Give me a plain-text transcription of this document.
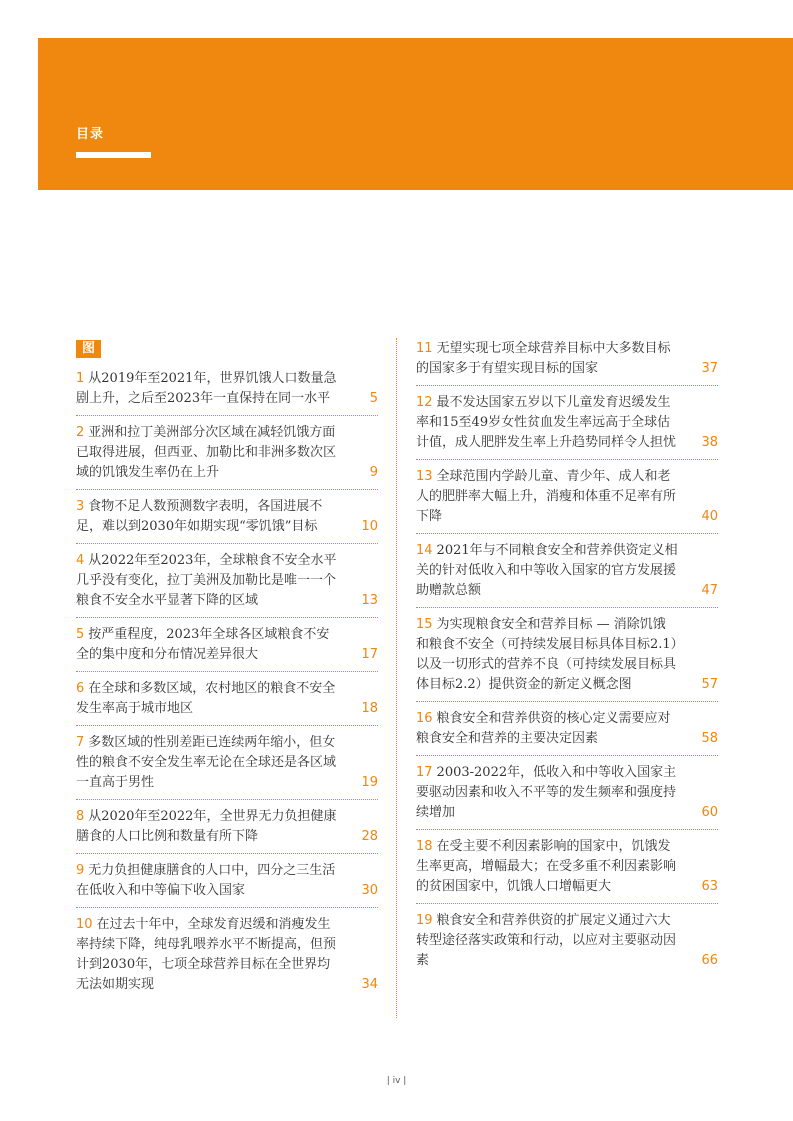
目录
图
1 从2019年至2021年，世界饥饿人口数量急剧上升，之后至2023年一直保持在同一水平	5
2 亚洲和拉丁美洲部分次区域在减轻饥饿方面已取得进展，但西亚、加勒比和非洲多数次区域的饥饿发生率仍在上升	9
3 食物不足人数预测数字表明，各国进展不足，难以到2030年如期实现“零饥饿”目标	10
4 从2022年至2023年，全球粮食不安全水平几乎没有变化，拉丁美洲及加勒比是唯一一个粮食不安全水平显著下降的区域	13
5 按严重程度，2023年全球各区域粮食不安全的集中度和分布情况差异很大	17
6 在全球和多数区域，农村地区的粮食不安全发生率高于城市地区	18
7 多数区域的性别差距已连续两年缩小，但女性的粮食不安全发生率无论在全球还是各区域一直高于男性	19
8 从2020年至2022年，全世界无力负担健康膳食的人口比例和数量有所下降	28
9 无力负担健康膳食的人口中，四分之三生活在低收入和中等偏下收入国家	30
10 在过去十年中，全球发育迟缓和消瘦发生率持续下降，纯母乳喂养水平不断提高，但预计到2030年，七项全球营养目标在全世界均无法如期实现	34
11 无望实现七项全球营养目标中大多数目标的国家多于有望实现目标的国家	37
12 最不发达国家五岁以下儿童发育迟缓发生率和15至49岁女性贫血发生率远高于全球估计值，成人肥胖发生率上升趋势同样令人担忧 38
13 全球范围内学龄儿童、青少年、成人和老人的肥胖率大幅上升，消瘦和体重不足率有所下降	40
14 2021年与不同粮食安全和营养供资定义相关的针对低收入和中等收入国家的官方发展援助赠款总额	47
15 为实现粮食安全和营养目标 — 消除饥饿和粮食不安全（可持续发展目标具体目标2.1）以及一切形式的营养不良（可持续发展目标具体目标2.2）提供资金的新定义概念图	57
16 粮食安全和营养供资的核心定义需要应对粮食安全和营养的主要决定因素	58
17 2003-2022年，低收入和中等收入国家主要驱动因素和收入不平等的发生频率和强度持续增加	60
18 在受主要不利因素影响的国家中，饥饿发生率更高，增幅最大；在受多重不利因素影响的贫困国家中，饥饿人口增幅更大	63
19 粮食安全和营养供资的扩展定义通过六大转型途径落实政策和行动，以应对主要驱动因素	66
| iv |
